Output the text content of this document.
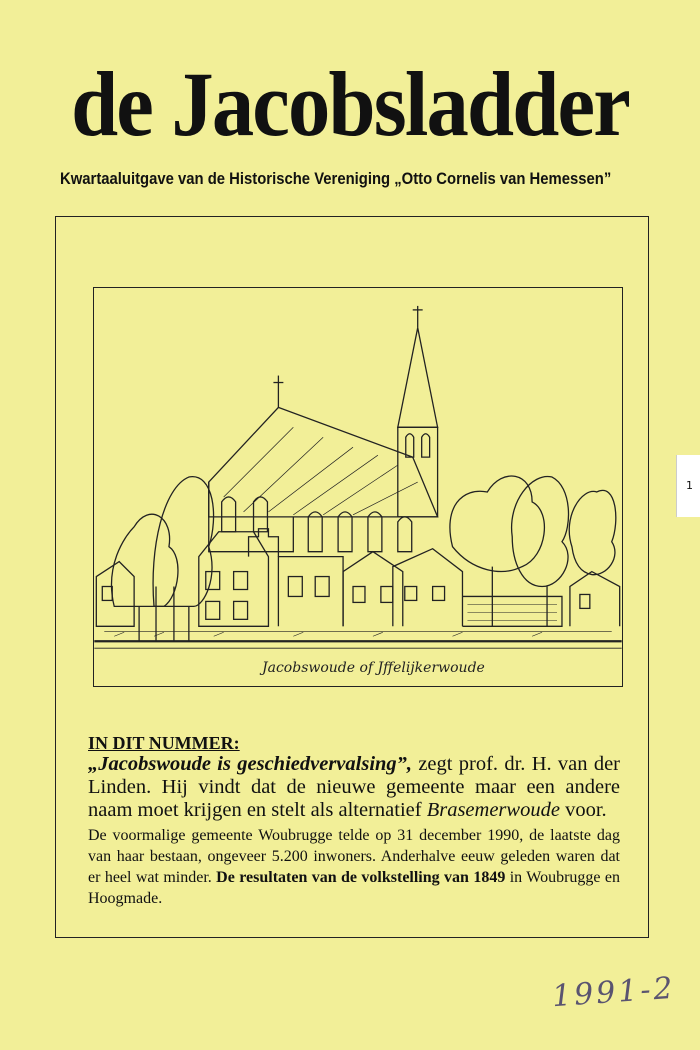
de Jacobsladder
Kwartaaluitgave van de Historische Vereniging „Otto Cornelis van Hemessen”
Jacobswoude of Jffelijkerwoude
IN DIT NUMMER:
„Jacobswoude is geschiedvervalsing”, zegt prof. dr. H. van der Linden. Hij vindt dat de nieuwe gemeente maar een andere naam moet krijgen en stelt als alternatief Brasemerwoude voor.
De voormalige gemeente Woubrugge telde op 31 december 1990, de laatste dag van haar bestaan, ongeveer 5.200 inwoners. Anderhalve eeuw geleden waren dat er heel wat minder. De resultaten van de volkstelling van 1849 in Woubrugge en Hoogmade.
1991-2
1
